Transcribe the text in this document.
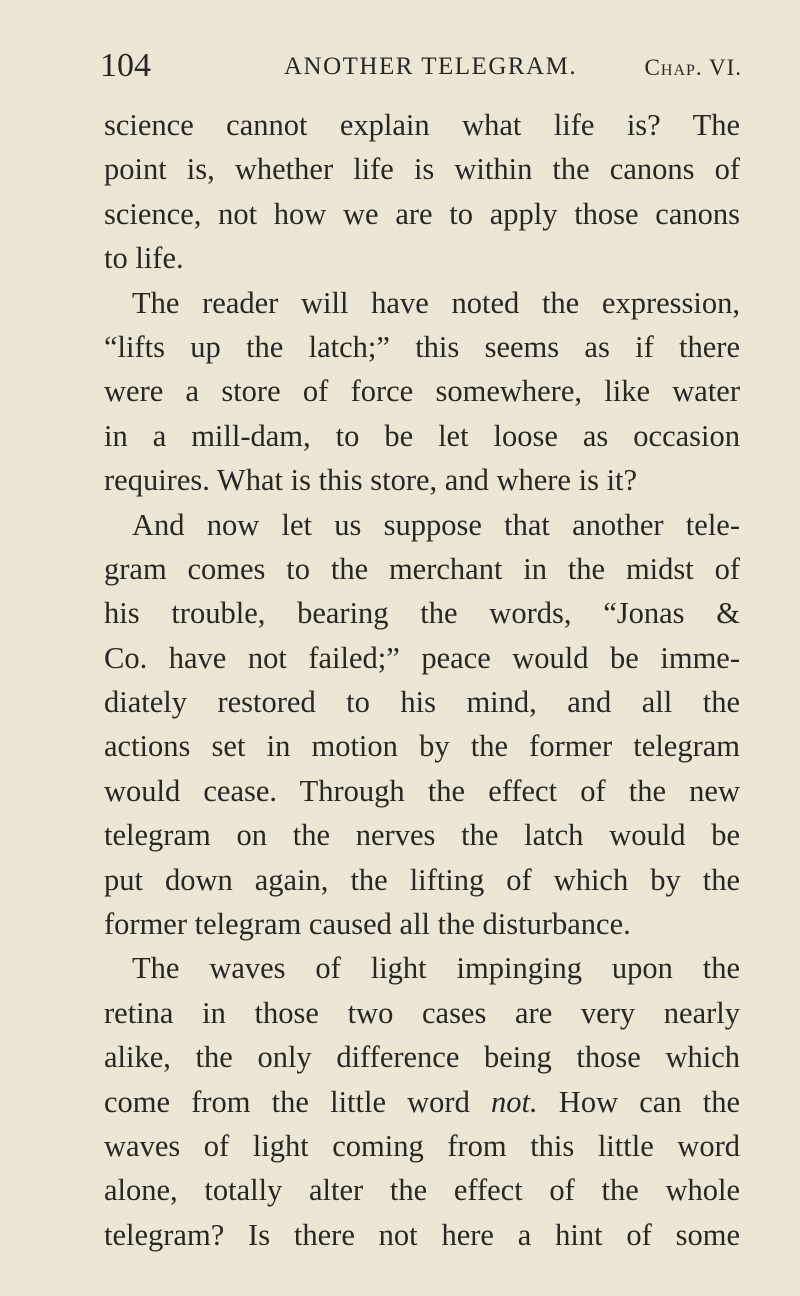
104	ANOTHER TELEGRAM.	Chap. VI.
science cannot explain what life is? The
point is, whether life is within the canons of
science, not how we are to apply those canons
to life.
The reader will have noted the expression,
“lifts up the latch;” this seems as if there
were a store of force somewhere, like water
in a mill-dam, to be let loose as occasion
requires. What is this store, and where is it?
And now let us suppose that another tele-
gram comes to the merchant in the midst of
his trouble, bearing the words, “Jonas &
Co. have not failed;” peace would be imme-
diately restored to his mind, and all the
actions set in motion by the former telegram
would cease. Through the effect of the new
telegram on the nerves the latch would be
put down again, the lifting of which by the
former telegram caused all the disturbance.
The waves of light impinging upon the
retina in those two cases are very nearly
alike, the only difference being those which
come from the little word not. How can the
waves of light coming from this little word
alone, totally alter the effect of the whole
telegram? Is there not here a hint of some
